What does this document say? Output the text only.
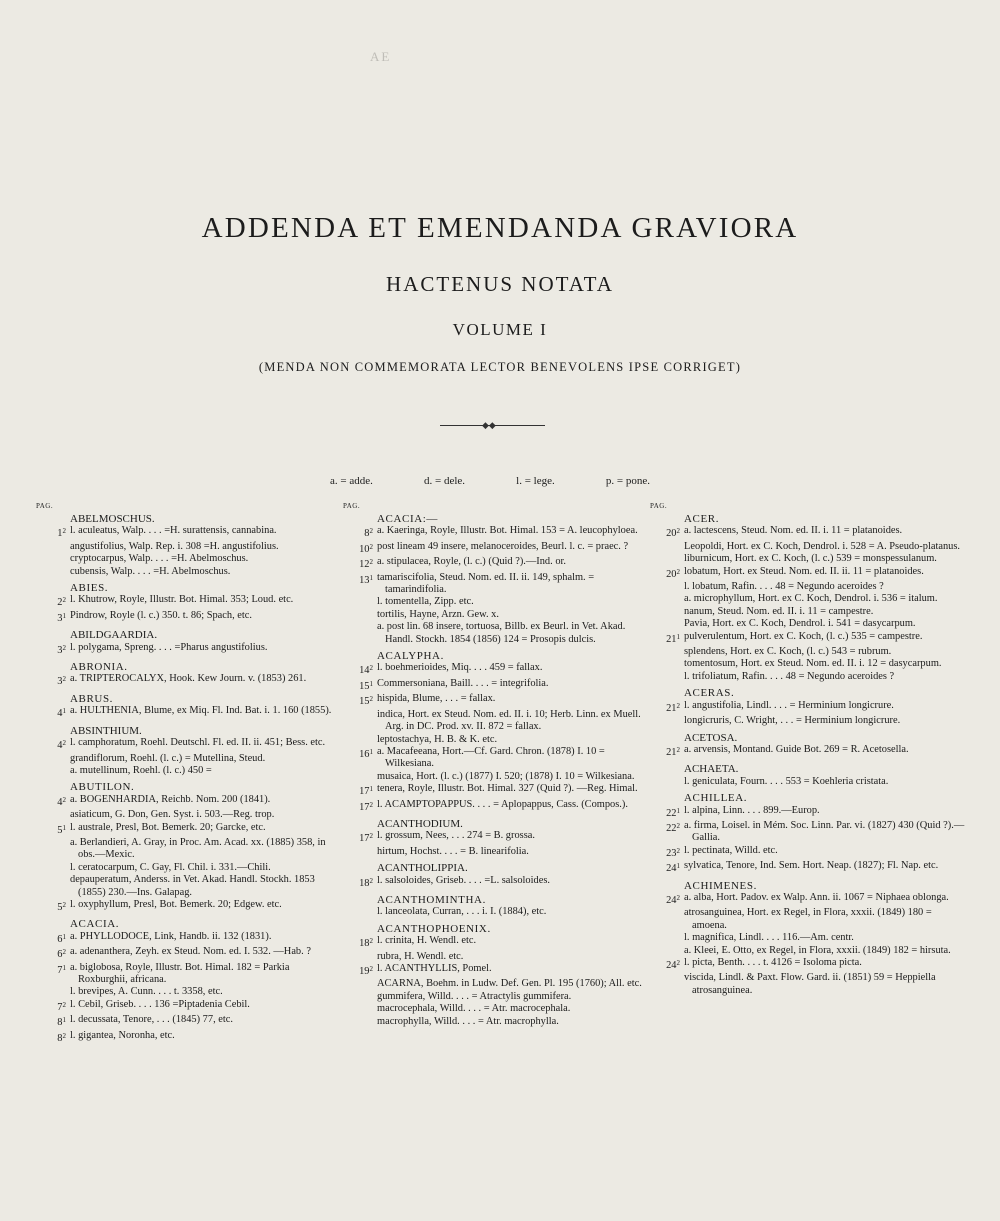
AE

ADDENDA ET EMENDANDA GRAVIORA
HACTENUS NOTATA
VOLUME I
(MENDA NON COMMEMORATA LECTOR BENEVOLENS IPSE CORRIGET)
◆◆
a. = adde.	d. = dele.	l. = lege.	p. = pone.
PAG.
ABELMOSCHUS.
$1^2$ l. aculeatus, Walp. . . . =H. surattensis, cannabina.
angustifolius, Walp. Rep. i. 308 =H. angustifolius.
cryptocarpus, Walp. . . . =H. Abelmoschus.
cubensis, Walp. . . . =H. Abelmoschus.
ABIES.
$2^2$ l. Khutrow, Royle, Illustr. Bot. Himal. 353; Loud. etc.
$3^1$ Pindrow, Royle (l. c.) 350. t. 86; Spach, etc.
ABILDGAARDIA.
$3^2$ l. polygama, Spreng. . . . =Pharus angustifolius.
ABRONIA.
$3^2$ a. TRIPTEROCALYX, Hook. Kew Journ. v. (1853) 261.
ABRUS.
$4^1$ a. HULTHENIA, Blume, ex Miq. Fl. Ind. Bat. i. 1. 160 (1855).
ABSINTHIUM.
$4^2$ l. camphoratum, Roehl. Deutschl. Fl. ed. II. ii. 451; Bess. etc.
grandiflorum, Roehl. (l. c.) = Mutellina, Steud.
a. mutellinum, Roehl. (l. c.) 450 =
ABUTILON.
$4^2$ a. BOGENHARDIA, Reichb. Nom. 200 (1841).
asiaticum, G. Don, Gen. Syst. i. 503.—Reg. trop.
$5^1$ l. australe, Presl, Bot. Bemerk. 20; Garcke, etc.
a. Berlandieri, A. Gray, in Proc. Am. Acad. xx. (1885) 358, in obs.—Mexic.
l. ceratocarpum, C. Gay, Fl. Chil. i. 331.—Chili.
depauperatum, Anderss. in Vet. Akad. Handl. Stockh. 1853 (1855) 230.—Ins. Galapag.
$5^2$ l. oxyphyllum, Presl, Bot. Bemerk. 20; Edgew. etc.
ACACIA.
$6^1$ a. PHYLLODOCE, Link, Handb. ii. 132 (1831).
$6^2$ a. adenanthera, Zeyh. ex Steud. Nom. ed. I. 532. —Hab. ?
$7^1$ a. biglobosa, Royle, Illustr. Bot. Himal. 182 = Parkia Roxburghii, africana.
l. brevipes, A. Cunn. . . . t. 3358, etc.
$7^2$ l. Cebil, Griseb. . . . 136 =Piptadenia Cebil.
$8^1$ l. decussata, Tenore, . . . (1845) 77, etc.
$8^2$ l. gigantea, Noronha, etc.
PAG.
ACACIA:—
$8^2$ a. Kaeringa, Royle, Illustr. Bot. Himal. 153 = A. leucophyloea.
$10^2$ post lineam 49 insere, melanoceroides, Beurl. l. c. = praec. ?
$12^2$ a. stipulacea, Royle, (l. c.) (Quid ?).—Ind. or.
$13^1$ tamariscifolia, Steud. Nom. ed. II. ii. 149, sphalm. = tamarindifolia.
l. tomentella, Zipp. etc.
tortilis, Hayne, Arzn. Gew. x.
a. post lin. 68 insere, tortuosa, Billb. ex Beurl. in Vet. Akad. Handl. Stockh. 1854 (1856) 124 = Prosopis dulcis.
ACALYPHA.
$14^2$ l. boehmerioides, Miq. . . . 459 = fallax.
$15^1$ Commersoniana, Baill. . . . = integrifolia.
$15^2$ hispida, Blume, . . . = fallax.
indica, Hort. ex Steud. Nom. ed. II. i. 10; Herb. Linn. ex Muell. Arg. in DC. Prod. xv. II. 872 = fallax.
leptostachya, H. B. & K. etc.
$16^1$ a. Macafeeana, Hort.—Cf. Gard. Chron. (1878) I. 10 = Wilkesiana.
musaica, Hort. (l. c.) (1877) I. 520; (1878) I. 10 = Wilkesiana.
$17^1$ tenera, Royle, Illustr. Bot. Himal. 327 (Quid ?). —Reg. Himal.
$17^2$ l. ACAMPTOPAPPUS. . . . = Aplopappus, Cass. (Compos.).
ACANTHODIUM.
$17^2$ l. grossum, Nees, . . . 274 = B. grossa.
hirtum, Hochst. . . . = B. linearifolia.
ACANTHOLIPPIA.
$18^2$ l. salsoloides, Griseb. . . . =L. salsoloides.
ACANTHOMINTHA.
l. lanceolata, Curran, . . . i. I. (1884), etc.
ACANTHOPHOENIX.
$18^2$ l. crinita, H. Wendl. etc.
rubra, H. Wendl. etc.
$19^2$ l. ACANTHYLLIS, Pomel.
ACARNA, Boehm. in Ludw. Def. Gen. Pl. 195 (1760); All. etc.
gummifera, Willd. . . . = Atractylis gummifera.
macrocephala, Willd. . . . = Atr. macrocephala.
macrophylla, Willd. . . . = Atr. macrophylla.
PAG.
ACER.
$20^2$ a. lactescens, Steud. Nom. ed. II. i. 11 = platanoides.
Leopoldi, Hort. ex C. Koch, Dendrol. i. 528 = A. Pseudo-platanus.
liburnicum, Hort. ex C. Koch, (l. c.) 539 = monspessulanum.
$20^2$ lobatum, Hort. ex Steud. Nom. ed. II. ii. 11 = platanoides.
l. lobatum, Rafin. . . . 48 = Negundo aceroides ?
a. microphyllum, Hort. ex C. Koch, Dendrol. i. 536 = italum.
nanum, Steud. Nom. ed. II. i. 11 = campestre.
Pavia, Hort. ex C. Koch, Dendrol. i. 541 = dasycarpum.
$21^1$ pulverulentum, Hort. ex C. Koch, (l. c.) 535 = campestre.
splendens, Hort. ex C. Koch, (l. c.) 543 = rubrum.
tomentosum, Hort. ex Steud. Nom. ed. II. i. 12 = dasycarpum.
l. trifoliatum, Rafin. . . . 48 = Negundo aceroides ?
ACERAS.
$21^2$ l. angustifolia, Lindl. . . . = Herminium longicrure.
longicruris, C. Wright, . . . = Herminium longicrure.
ACETOSA.
$21^2$ a. arvensis, Montand. Guide Bot. 269 = R. Acetosella.
ACHAETA.
l. geniculata, Fourn. . . . 553 = Koehleria cristata.
ACHILLEA.
$22^1$ l. alpina, Linn. . . . 899.—Europ.
$22^2$ a. firma, Loisel. in Mém. Soc. Linn. Par. vi. (1827) 430 (Quid ?).—Gallia.
$23^2$ l. pectinata, Willd. etc.
$24^1$ sylvatica, Tenore, Ind. Sem. Hort. Neap. (1827); Fl. Nap. etc.
ACHIMENES.
$24^2$ a. alba, Hort. Padov. ex Walp. Ann. ii. 1067 = Niphaea oblonga.
atrosanguinea, Hort. ex Regel, in Flora, xxxii. (1849) 180 = amoena.
l. magnifica, Lindl. . . . 116.—Am. centr.
a. Kleei, E. Otto, ex Regel, in Flora, xxxii. (1849) 182 = hirsuta.
$24^2$ l. picta, Benth. . . . t. 4126 = Isoloma picta.
viscida, Lindl. & Paxt. Flow. Gard. ii. (1851) 59 = Heppiella atrosanguinea.
